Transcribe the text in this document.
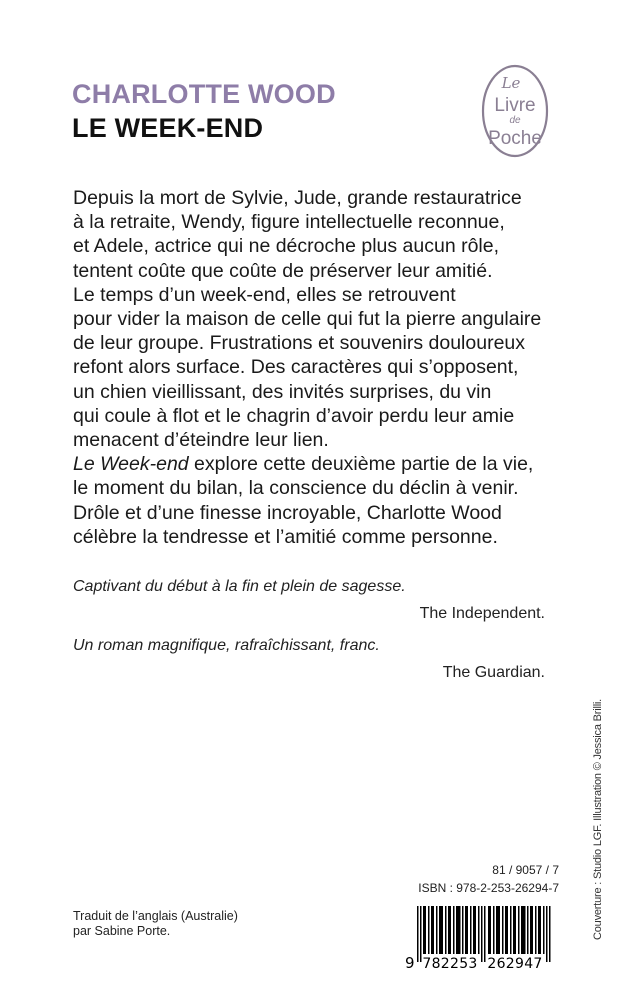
CHARLOTTE WOOD
LE WEEK-END
Le
Livre
de
Poche
Depuis la mort de Sylvie, Jude, grande restauratrice
à la retraite, Wendy, figure intellectuelle reconnue,
et Adele, actrice qui ne décroche plus aucun rôle,
tentent coûte que coûte de préserver leur amitié.
Le temps d’un week-end, elles se retrouvent
pour vider la maison de celle qui fut la pierre angulaire
de leur groupe. Frustrations et souvenirs douloureux
refont alors surface. Des caractères qui s’opposent,
un chien vieillissant, des invités surprises, du vin
qui coule à flot et le chagrin d’avoir perdu leur amie
menacent d’éteindre leur lien.
Le Week-end explore cette deuxième partie de la vie,
le moment du bilan, la conscience du déclin à venir.
Drôle et d’une finesse incroyable, Charlotte Wood
célèbre la tendresse et l’amitié comme personne.
Captivant du début à la fin et plein de sagesse.
The Independent.
Un roman magnifique, rafraîchissant, franc.
The Guardian.
Couverture : Studio LGF. Illustration © Jessica Brilli.
81 / 9057 / 7
ISBN : 978-2-253-26294-7
Traduit de l’anglais (Australie)
par Sabine Porte.
9 782253 262947
